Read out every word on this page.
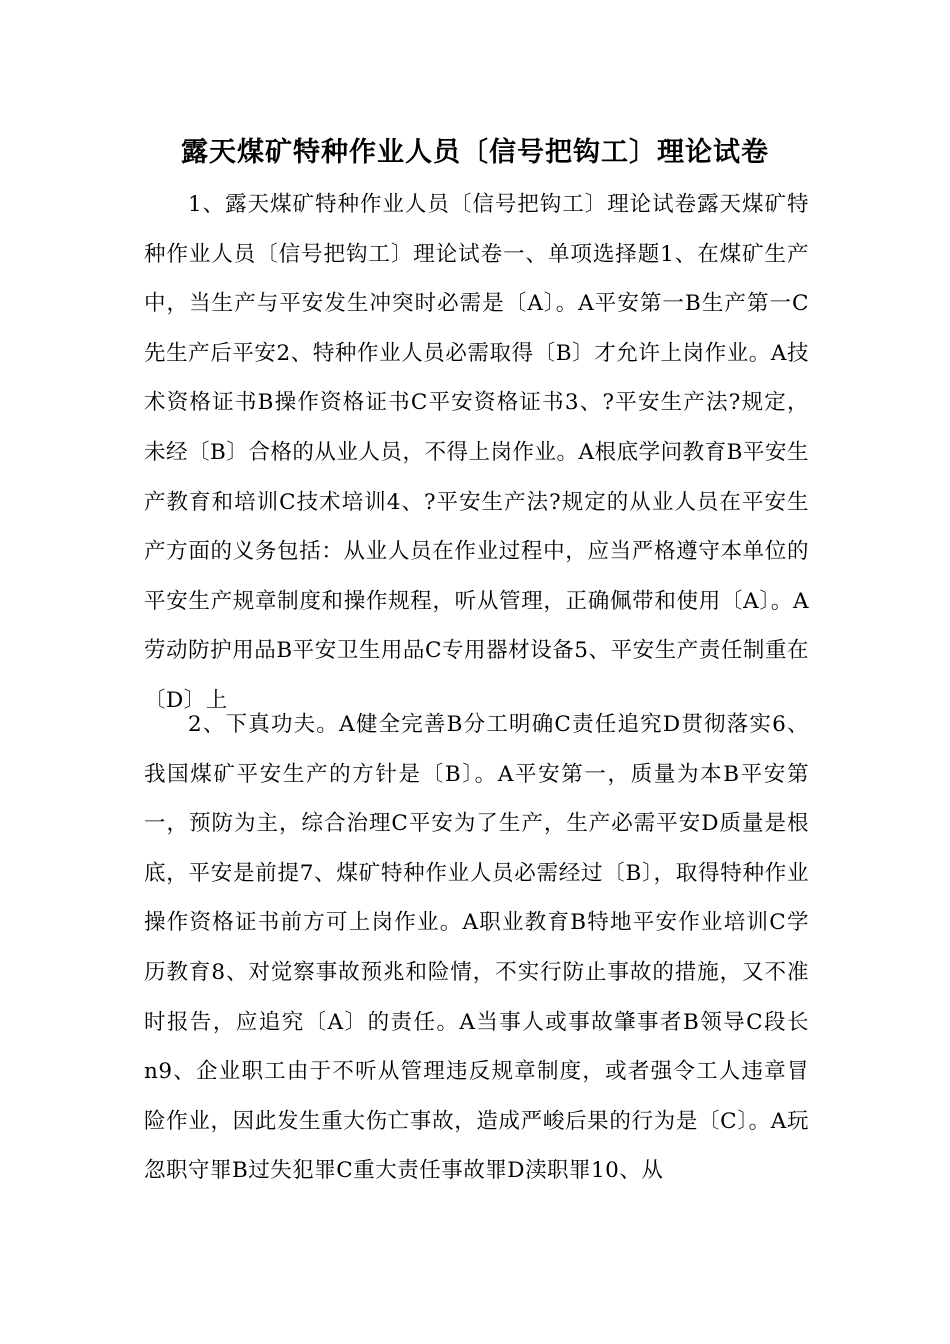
露天煤矿特种作业人员〔信号把钩工〕理论试卷

1、露天煤矿特种作业人员〔信号把钩工〕理论试卷露天煤矿特种作业人员〔信号把钩工〕理论试卷一、单项选择题1、在煤矿生产中，当生产与平安发生冲突时必需是〔A〕。A平安第一B生产第一C先生产后平安2、特种作业人员必需取得〔B〕才允许上岗作业。A技术资格证书B操作资格证书C平安资格证书3、?平安生产法?规定，未经〔B〕合格的从业人员，不得上岗作业。A根底学问教育B平安生产教育和培训C技术培训4、?平安生产法?规定的从业人员在平安生产方面的义务包括：从业人员在作业过程中，应当严格遵守本单位的平安生产规章制度和操作规程，听从管理，正确佩带和使用〔A〕。A劳动防护用品B平安卫生用品C专用器材设备5、平安生产责任制重在〔D〕上

2、下真功夫。A健全完善B分工明确C责任追究D贯彻落实6、我国煤矿平安生产的方针是〔B〕。A平安第一，质量为本B平安第一，预防为主，综合治理C平安为了生产，生产必需平安D质量是根底，平安是前提7、煤矿特种作业人员必需经过〔B〕，取得特种作业操作资格证书前方可上岗作业。A职业教育B特地平安作业培训C学历教育8、对觉察事故预兆和险情，不实行防止事故的措施，又不准时报告，应追究〔A〕的责任。A当事人或事故肇事者B领导C段长n9、企业职工由于不听从管理违反规章制度，或者强令工人违章冒险作业，因此发生重大伤亡事故，造成严峻后果的行为是〔C〕。A玩忽职守罪B过失犯罪C重大责任事故罪D渎职罪10、从
